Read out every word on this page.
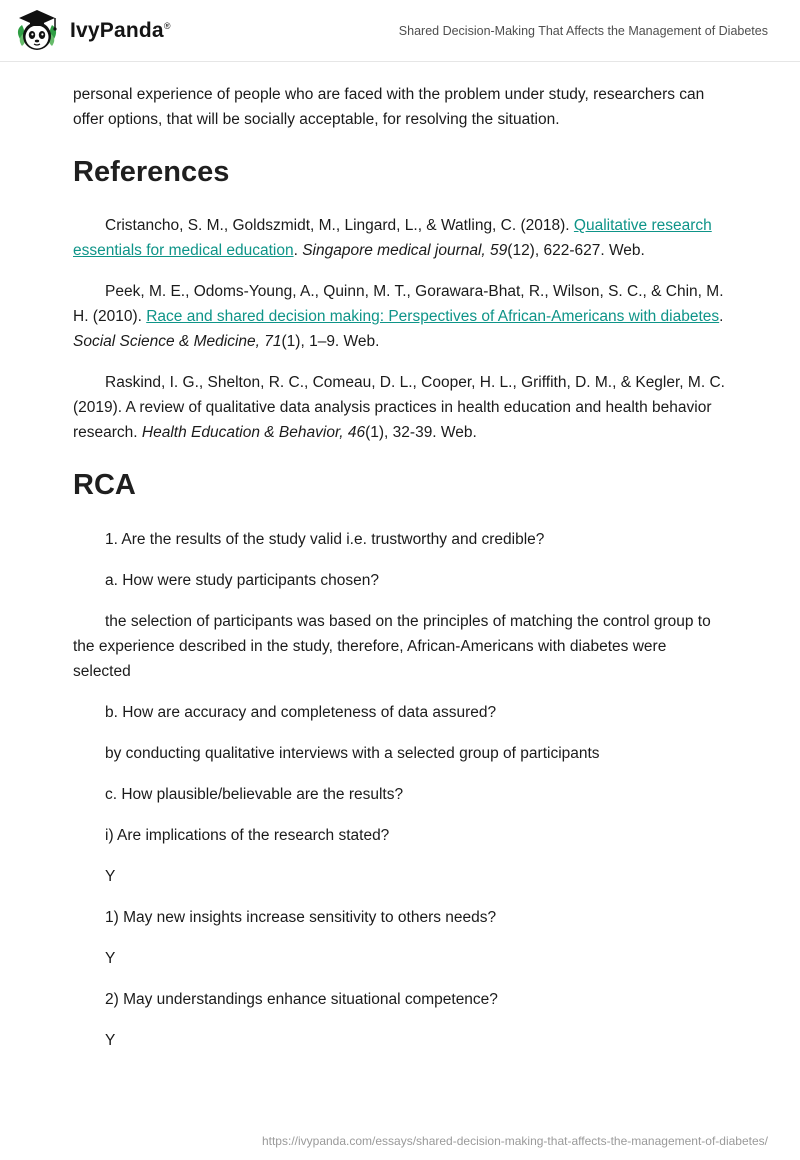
IvyPanda®	Shared Decision-Making That Affects the Management of Diabetes

personal experience of people who are faced with the problem under study, researchers can offer options, that will be socially acceptable, for resolving the situation.

References

Cristancho, S. M., Goldszmidt, M., Lingard, L., & Watling, C. (2018). Qualitative research essentials for medical education. Singapore medical journal, 59(12), 622-627. Web.

Peek, M. E., Odoms-Young, A., Quinn, M. T., Gorawara-Bhat, R., Wilson, S. C., & Chin, M. H. (2010). Race and shared decision making: Perspectives of African-Americans with diabetes. Social Science & Medicine, 71(1), 1–9. Web.

Raskind, I. G., Shelton, R. C., Comeau, D. L., Cooper, H. L., Griffith, D. M., & Kegler, M. C. (2019). A review of qualitative data analysis practices in health education and health behavior research. Health Education & Behavior, 46(1), 32-39. Web.

RCA

1. Are the results of the study valid i.e. trustworthy and credible?

a. How were study participants chosen?

the selection of participants was based on the principles of matching the control group to the experience described in the study, therefore, African-Americans with diabetes were selected

b. How are accuracy and completeness of data assured?

by conducting qualitative interviews with a selected group of participants

c. How plausible/believable are the results?

i) Are implications of the research stated?

Y

1) May new insights increase sensitivity to others needs?

Y

2) May understandings enhance situational competence?

Y

https://ivypanda.com/essays/shared-decision-making-that-affects-the-management-of-diabetes/
